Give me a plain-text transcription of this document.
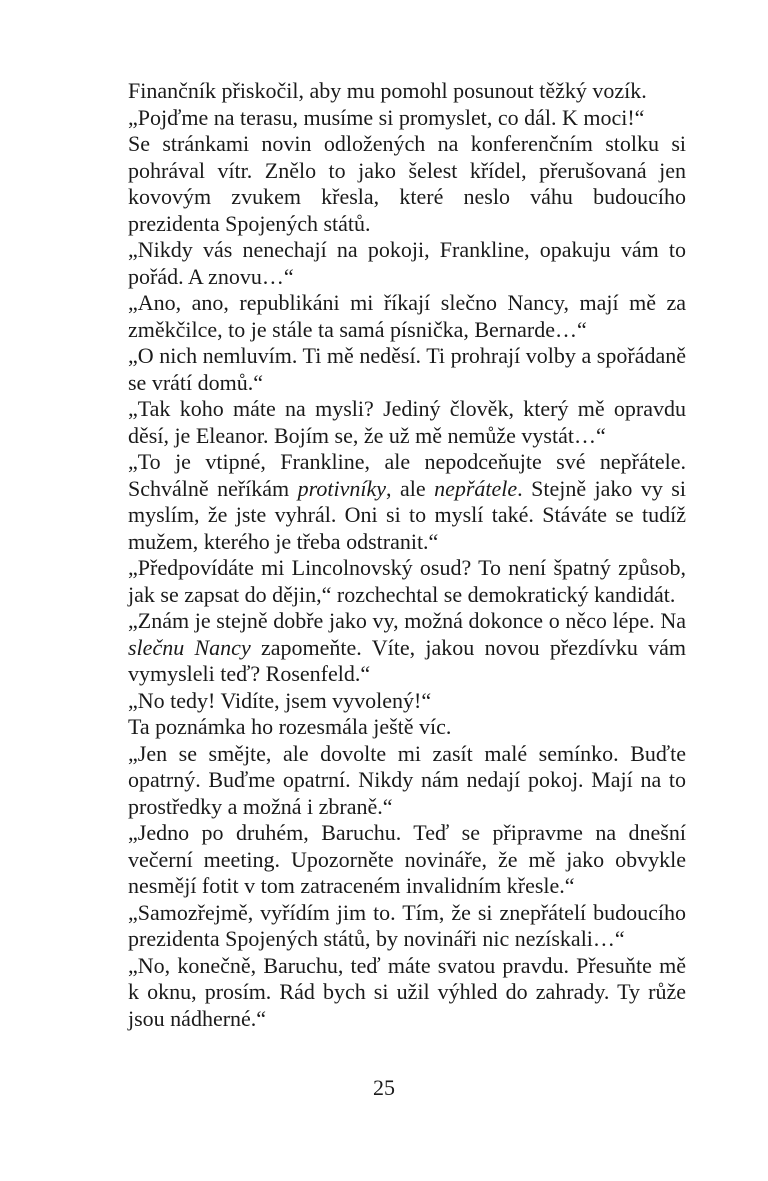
Finančník přiskočil, aby mu pomohl posunout těžký vozík.

„Pojďme na terasu, musíme si promyslet, co dál. K moci!“

Se stránkami novin odložených na konferenčním stolku si pohrával vítr. Znělo to jako šelest křídel, přerušovaná jen kovovým zvukem křesla, které neslo váhu budoucího prezidenta Spojených států.

„Nikdy vás nenechají na pokoji, Frankline, opakuju vám to pořád. A znovu…“

„Ano, ano, republikáni mi říkají slečno Nancy, mají mě za změkčilce, to je stále ta samá písnička, Bernarde…“

„O nich nemluvím. Ti mě neděsí. Ti prohrají volby a spořádaně se vrátí domů.“

„Tak koho máte na mysli? Jediný člověk, který mě opravdu děsí, je Eleanor. Bojím se, že už mě nemůže vystát…“

„To je vtipné, Frankline, ale nepodceňujte své nepřátele. Schválně neříkám protivníky, ale nepřátele. Stejně jako vy si myslím, že jste vyhrál. Oni si to myslí také. Stáváte se tudíž mužem, kterého je třeba odstranit.“

„Předpovídáte mi Lincolnovský osud? To není špatný způsob, jak se zapsat do dějin,“ rozchechtal se demokratický kandidát.

„Znám je stejně dobře jako vy, možná dokonce o něco lépe. Na slečnu Nancy zapomeňte. Víte, jakou novou přezdívku vám vymysleli teď? Rosenfeld.“

„No tedy! Vidíte, jsem vyvolený!“

Ta poznámka ho rozesmála ještě víc.

„Jen se smějte, ale dovolte mi zasít malé semínko. Buďte opatrný. Buďme opatrní. Nikdy nám nedají pokoj. Mají na to prostředky a možná i zbraně.“

„Jedno po druhém, Baruchu. Teď se připravme na dnešní večerní meeting. Upozorněte novináře, že mě jako obvykle nesmějí fotit v tom zatraceném invalidním křesle.“

„Samozřejmě, vyřídím jim to. Tím, že si znepřátelí budoucího prezidenta Spojených států, by novináři nic nezískali…“

„No, konečně, Baruchu, teď máte svatou pravdu. Přesuňte mě k oknu, prosím. Rád bych si užil výhled do zahrady. Ty růže jsou nádherné.“

25
